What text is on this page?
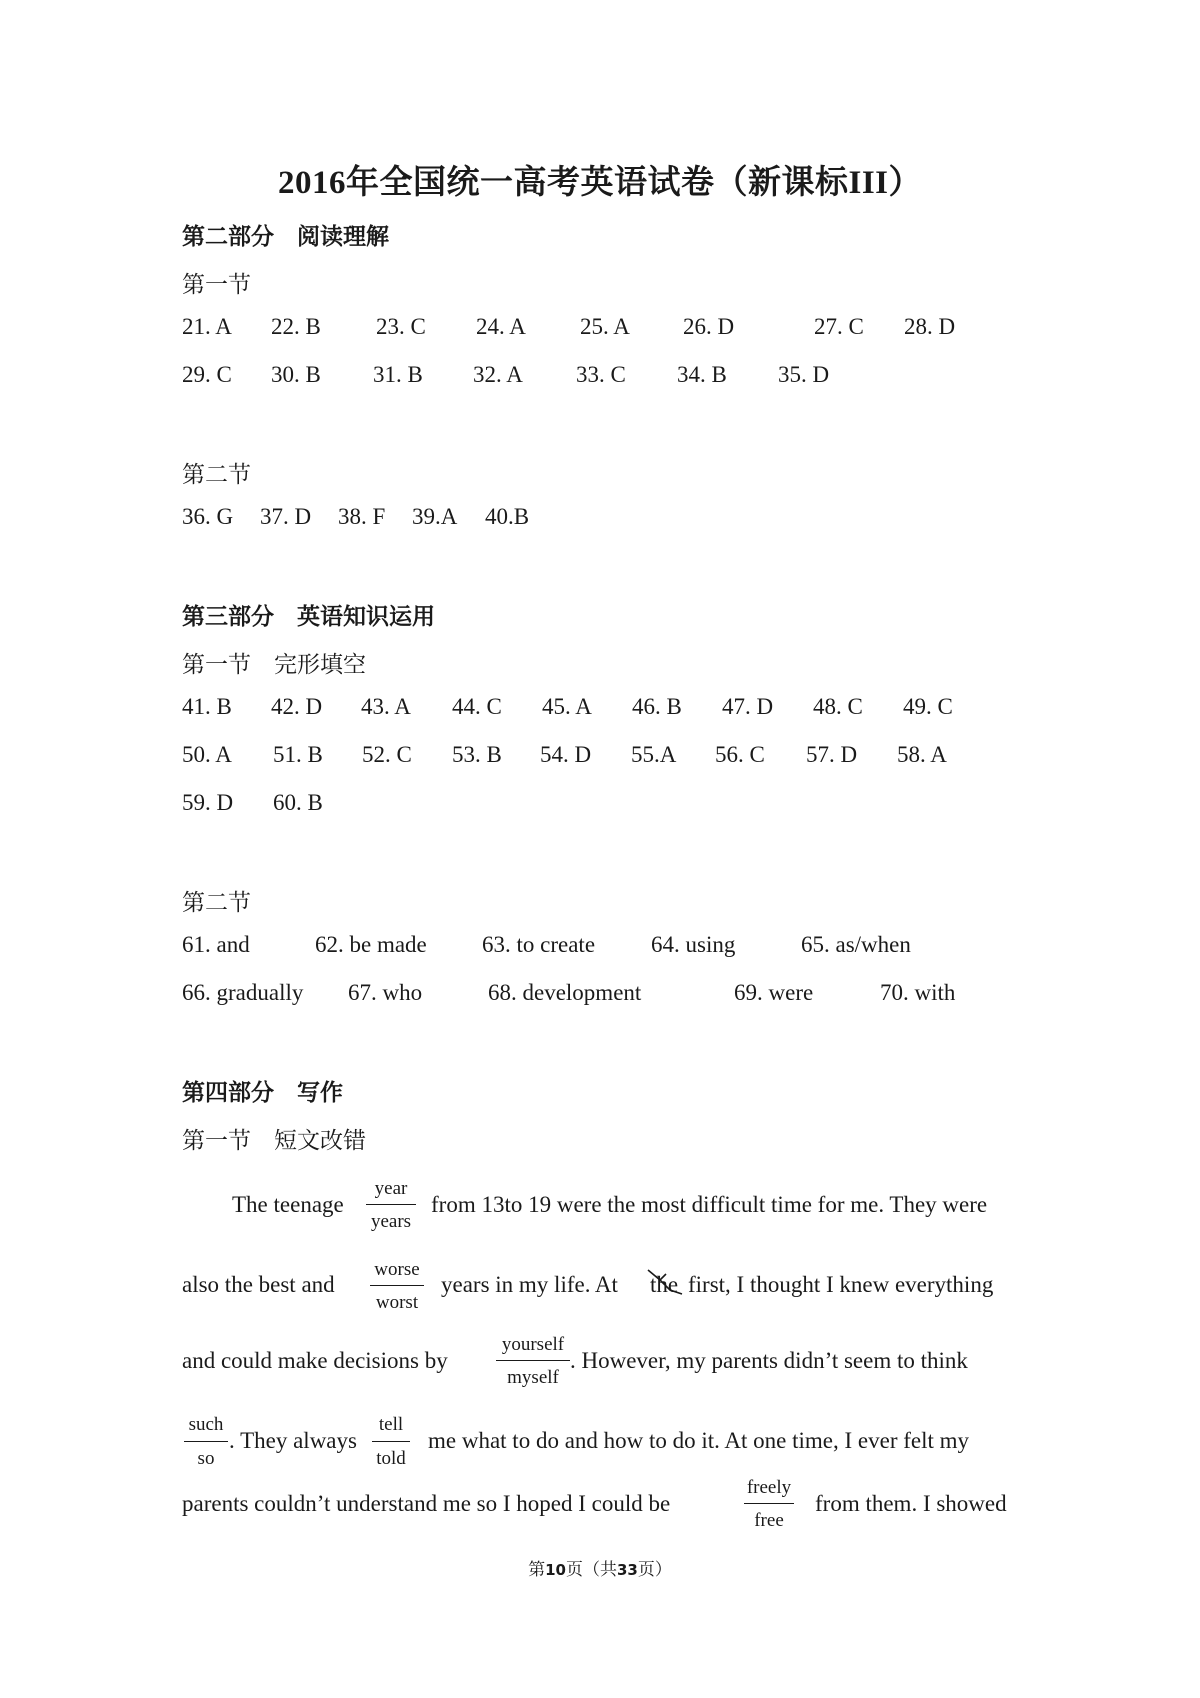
2016年全国统一高考英语试卷（新课标III）
第二部分　阅读理解
第一节
21. A 22. B 23. C 24. A 25. A 26. D	27. C 28. D
29. C 30. B 31. B 32. A 33. C 34. B 35. D
第二节
36. G 37. D 38. F 39.A 40.B
第三部分　英语知识运用
第一节　完形填空
41. B 42. D 43. A 44. C 45. A 46. B 47. D 48. C 49. C
50. A 51. B 52. C 53. B 54. D 55.A 56. C 57. D 58. A
59. D 60. B
第二节
61. and	62. be made 63. to create 64. using	65. as/when
66. gradually 67. who	68. development	69. were	70. with
第四部分　写作
第一节　短文改错
The teenage
year
years
from 13to 19 were the most difficult time for me. They were
also the best and
worse
worst
years in my life. At the first, I thought I knew everything
and could make decisions by
yourself
myself
. However, my parents didn’t seem to think
such
so
. They always
tell
told
me what to do and how to do it. At one time, I ever felt my
parents couldn’t understand me so I hoped I could be
freely
free
from them. I showed
第10页（共33页）
